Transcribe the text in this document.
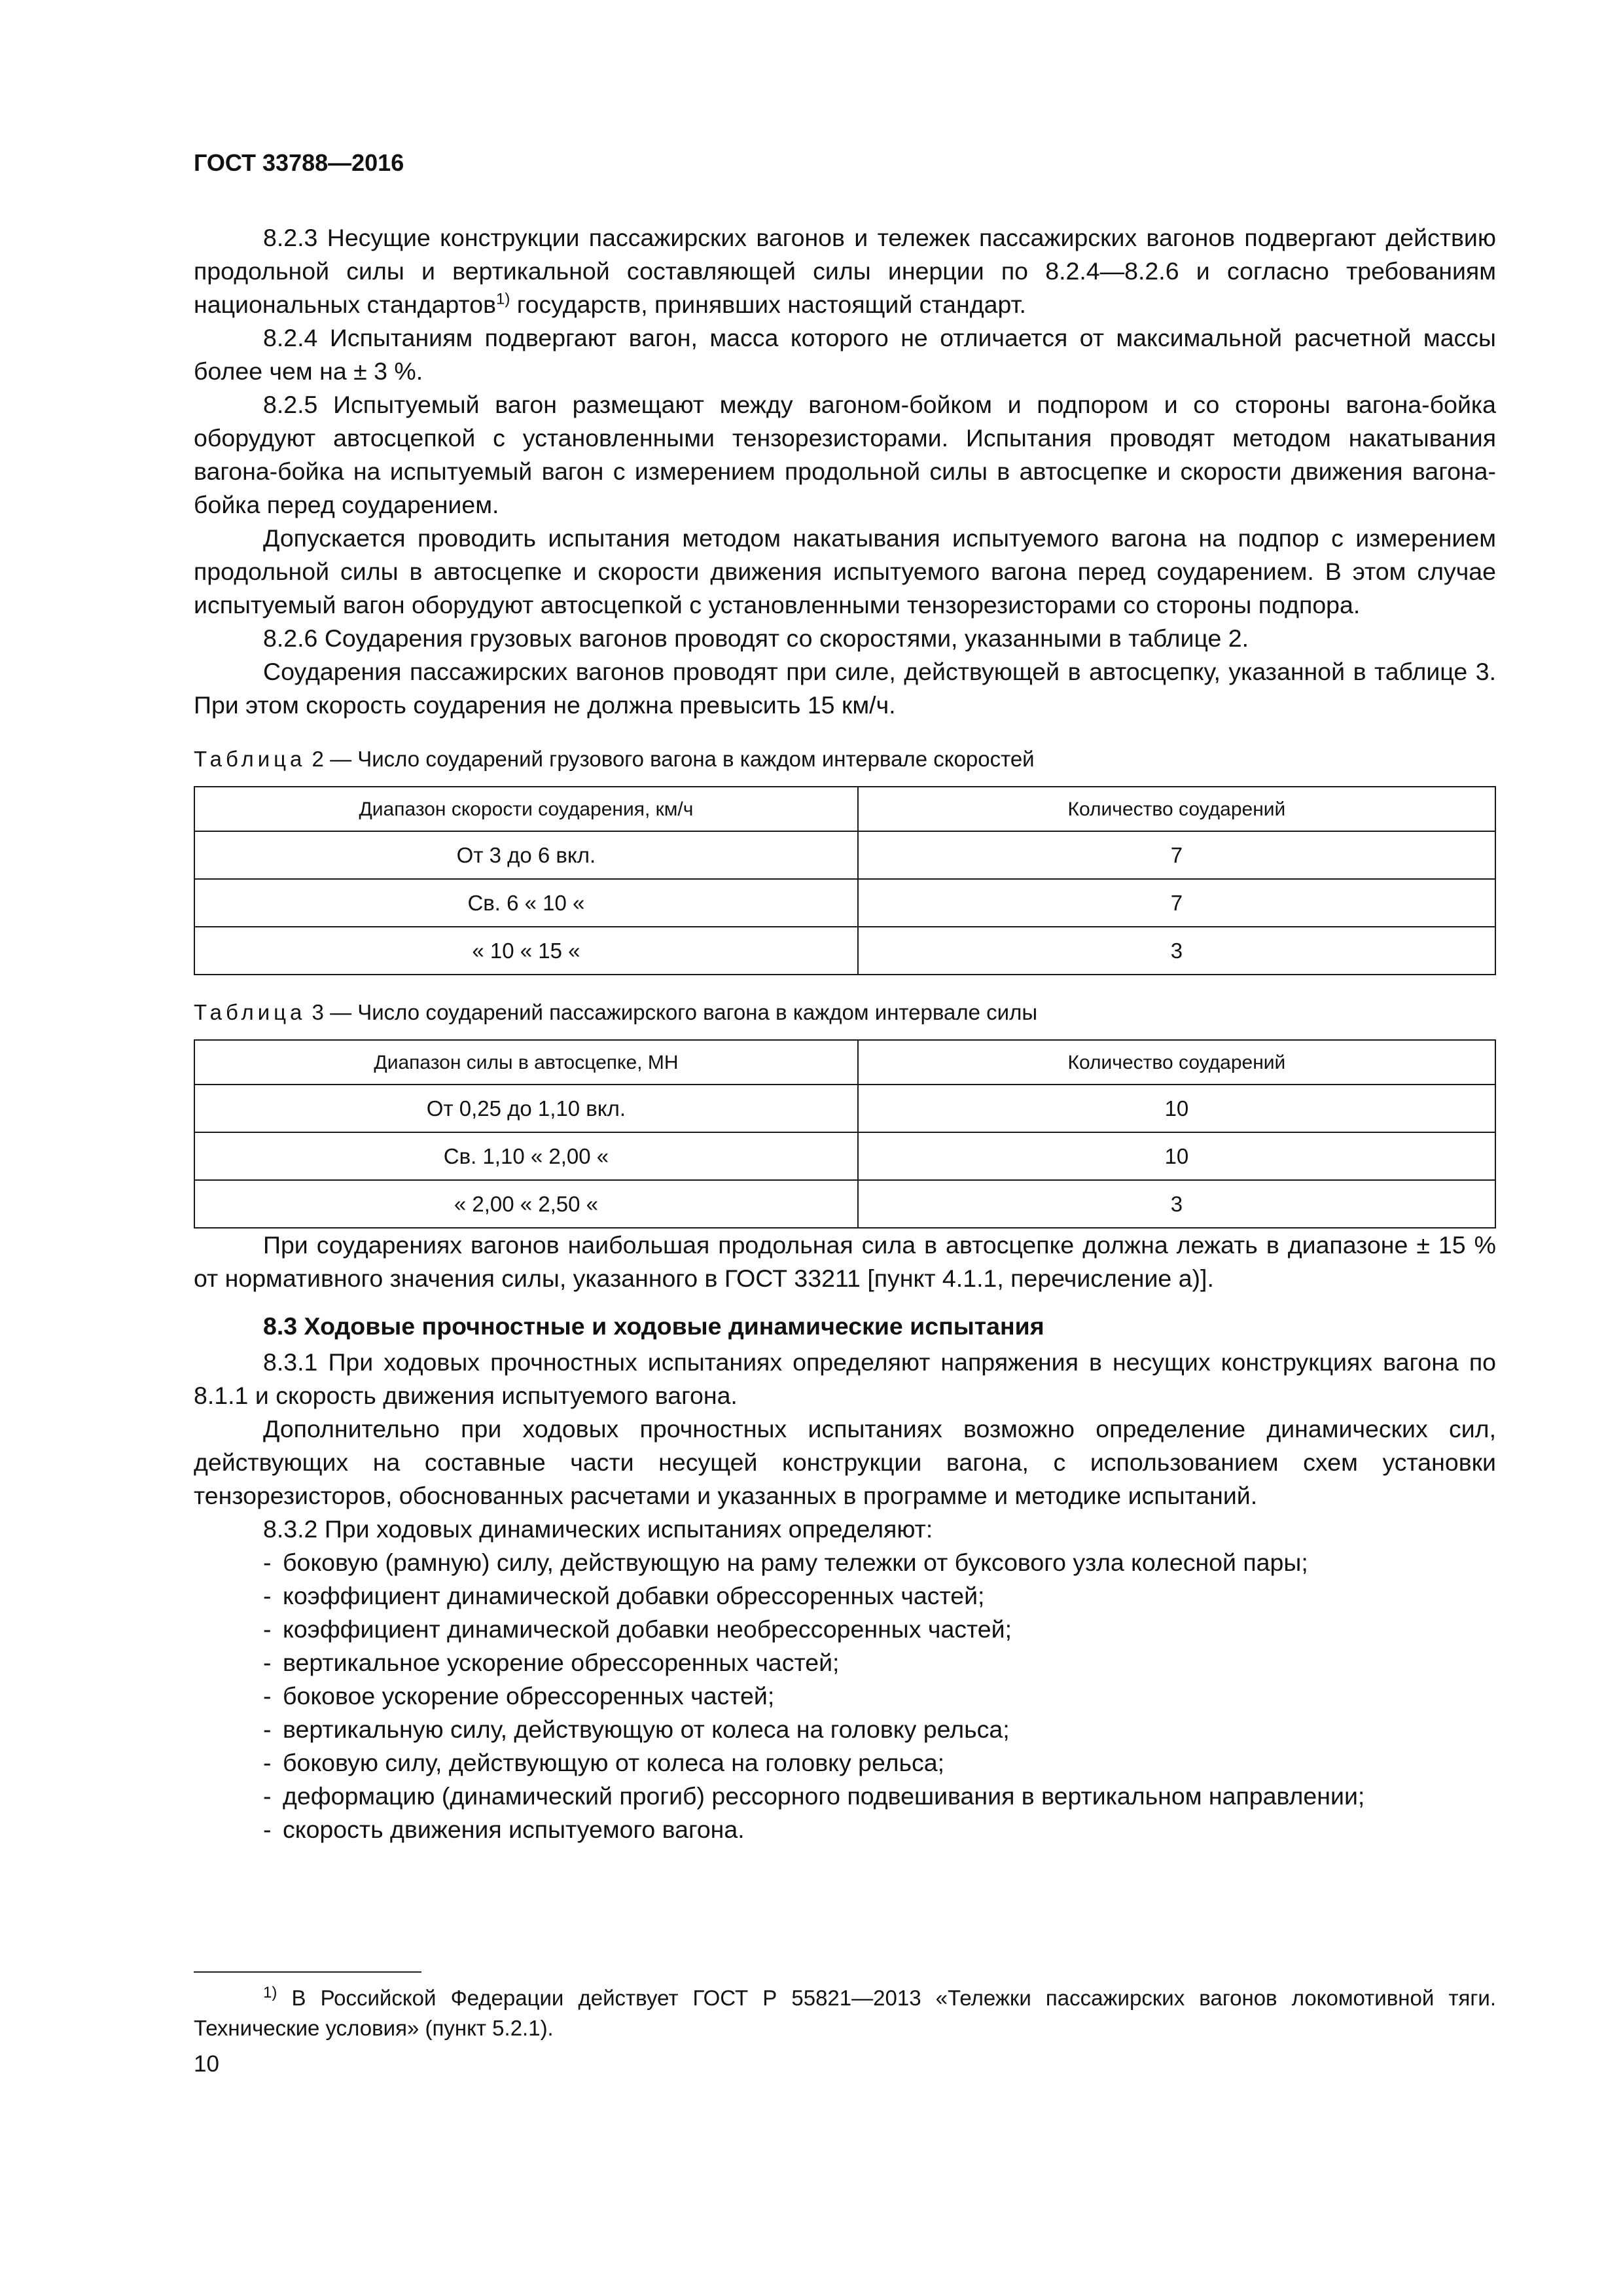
ГОСТ 33788—2016

8.2.3 Несущие конструкции пассажирских вагонов и тележек пассажирских вагонов подвергают действию продольной силы и вертикальной составляющей силы инерции по 8.2.4—8.2.6 и согласно требованиям национальных стандартов$^{1)}$ государств, принявших настоящий стандарт.

8.2.4 Испытаниям подвергают вагон, масса которого не отличается от максимальной расчетной массы более чем на ± 3 %.

8.2.5 Испытуемый вагон размещают между вагоном-бойком и подпором и со стороны вагона-бойка оборудуют автосцепкой с установленными тензорезисторами. Испытания проводят методом накатывания вагона-бойка на испытуемый вагон с измерением продольной силы в автосцепке и скорости движения вагона-бойка перед соударением.

Допускается проводить испытания методом накатывания испытуемого вагона на подпор с измерением продольной силы в автосцепке и скорости движения испытуемого вагона перед соударением. В этом случае испытуемый вагон оборудуют автосцепкой с установленными тензорезисторами со стороны подпора.

8.2.6 Соударения грузовых вагонов проводят со скоростями, указанными в таблице 2.

Соударения пассажирских вагонов проводят при силе, действующей в автосцепку, указанной в таблице 3. При этом скорость соударения не должна превысить 15 км/ч.

Таблица 2 — Число соударений грузового вагона в каждом интервале скоростей
Диапазон скорости соударения, км/ч	Количество соударений
От 3 до 6 вкл.	7
Св. 6 « 10 «	7
« 10 « 15 «	3
Таблица 3 — Число соударений пассажирского вагона в каждом интервале силы
Диапазон силы в автосцепке, МН	Количество соударений
От 0,25 до 1,10 вкл.	10
Св. 1,10 « 2,00 «	10
« 2,00 « 2,50 «	3

При соударениях вагонов наибольшая продольная сила в автосцепке должна лежать в диапазоне ± 15 % от нормативного значения силы, указанного в ГОСТ 33211 [пункт 4.1.1, перечисление а)].

8.3 Ходовые прочностные и ходовые динамические испытания

8.3.1 При ходовых прочностных испытаниях определяют напряжения в несущих конструкциях вагона по 8.1.1 и скорость движения испытуемого вагона.

Дополнительно при ходовых прочностных испытаниях возможно определение динамических сил, действующих на составные части несущей конструкции вагона, с использованием схем установки тензорезисторов, обоснованных расчетами и указанных в программе и методике испытаний.

8.3.2 При ходовых динамических испытаниях определяют:

- боковую (рамную) силу, действующую на раму тележки от буксового узла колесной пары;
- коэффициент динамической добавки обрессоренных частей;
- коэффициент динамической добавки необрессоренных частей;
- вертикальное ускорение обрессоренных частей;
- боковое ускорение обрессоренных частей;
- вертикальную силу, действующую от колеса на головку рельса;
- боковую силу, действующую от колеса на головку рельса;
- деформацию (динамический прогиб) рессорного подвешивания в вертикальном направлении;
- скорость движения испытуемого вагона.
$^{1)}$ В Российской Федерации действует ГОСТ Р 55821—2013 «Тележки пассажирских вагонов локомотивной тяги. Технические условия» (пункт 5.2.1).
10
